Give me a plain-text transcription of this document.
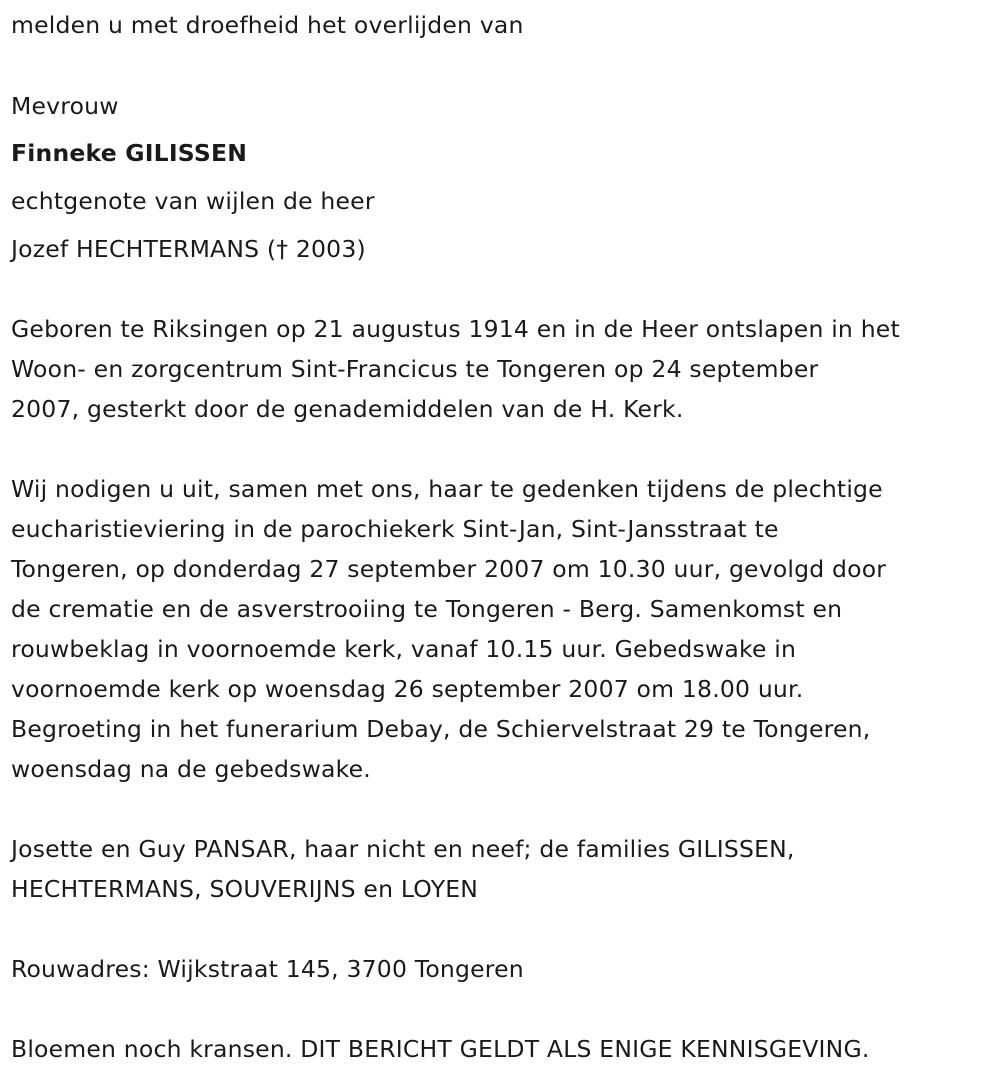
melden u met droefheid het overlijden van
Mevrouw
Finneke GILISSEN
echtgenote van wijlen de heer
Jozef HECHTERMANS († 2003)
Geboren te Riksingen op 21 augustus 1914 en in de Heer ontslapen in het
Woon- en zorgcentrum Sint-Francicus te Tongeren op 24 september
2007, gesterkt door de genademiddelen van de H. Kerk.
Wij nodigen u uit, samen met ons, haar te gedenken tijdens de plechtige
eucharistieviering in de parochiekerk Sint-Jan, Sint-Jansstraat te
Tongeren, op donderdag 27 september 2007 om 10.30 uur, gevolgd door
de crematie en de asverstrooiing te Tongeren - Berg. Samenkomst en
rouwbeklag in voornoemde kerk, vanaf 10.15 uur. Gebedswake in
voornoemde kerk op woensdag 26 september 2007 om 18.00 uur.
Begroeting in het funerarium Debay, de Schiervelstraat 29 te Tongeren,
woensdag na de gebedswake.
Josette en Guy PANSAR, haar nicht en neef; de families GILISSEN,
HECHTERMANS, SOUVERIJNS en LOYEN
Rouwadres: Wijkstraat 145, 3700 Tongeren
Bloemen noch kransen. DIT BERICHT GELDT ALS ENIGE KENNISGEVING.
